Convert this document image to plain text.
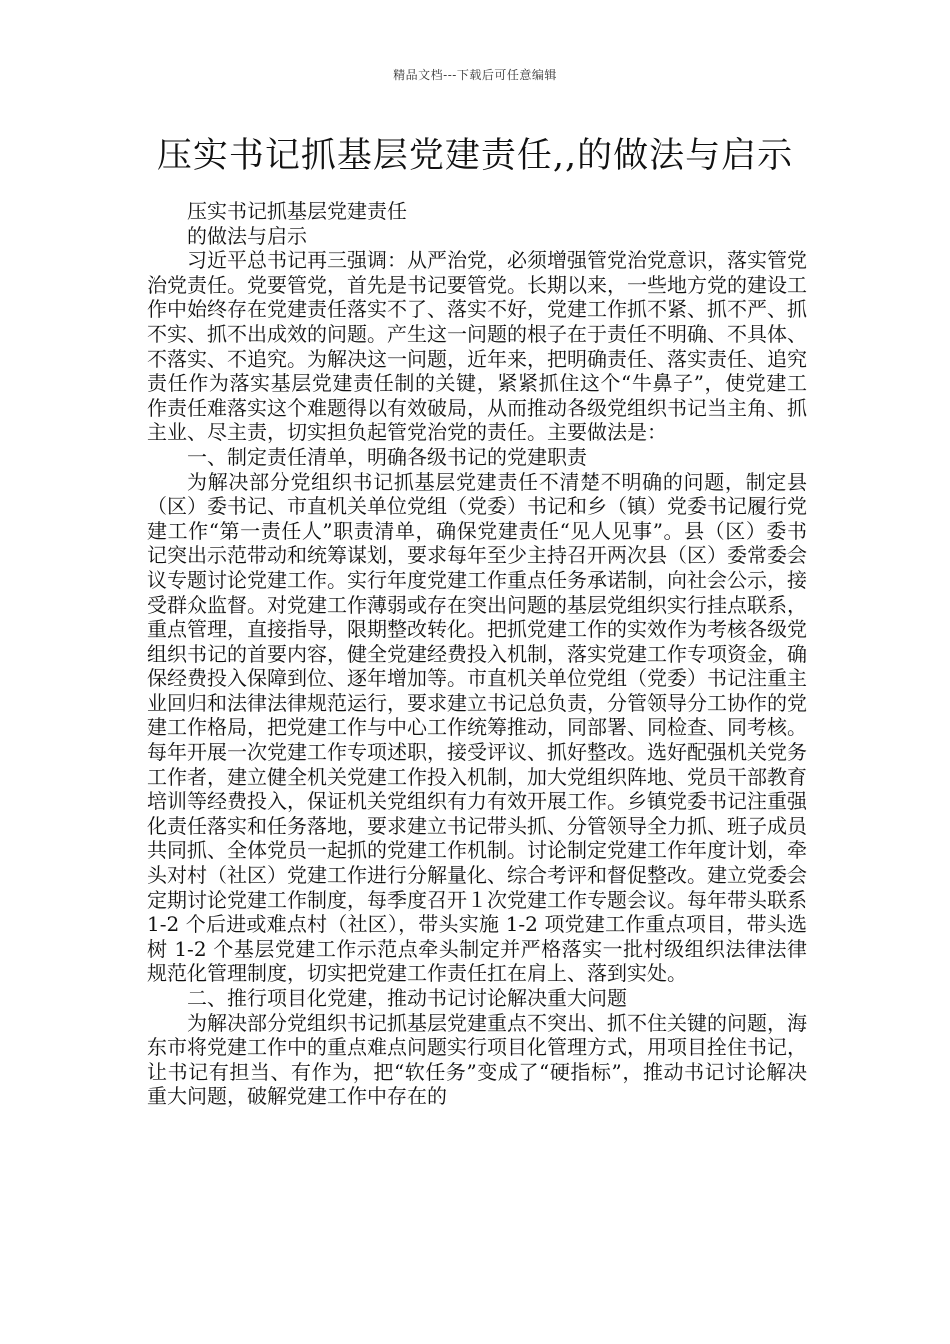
精品文档---下载后可任意编辑
压实书记抓基层党建责任,,的做法与启示

压实书记抓基层党建责任

的做法与启示

习近平总书记再三强调：从严治党，必须增强管党治党意识，落实管党治党责任。党要管党，首先是书记要管党。长期以来，一些地方党的建设工作中始终存在党建责任落实不了、落实不好，党建工作抓不紧、抓不严、抓不实、抓不出成效的问题。产生这一问题的根子在于责任不明确、不具体、不落实、不追究。为解决这一问题，近年来，把明确责任、落实责任、追究责任作为落实基层党建责任制的关键，紧紧抓住这个“牛鼻子”，使党建工作责任难落实这个难题得以有效破局，从而推动各级党组织书记当主角、抓主业、尽主责，切实担负起管党治党的责任。主要做法是：

一、制定责任清单，明确各级书记的党建职责

为解决部分党组织书记抓基层党建责任不清楚不明确的问题，制定县（区）委书记、市直机关单位党组（党委）书记和乡（镇）党委书记履行党建工作“第一责任人”职责清单，确保党建责任“见人见事”。县（区）委书记突出示范带动和统筹谋划，要求每年至少主持召开两次县（区）委常委会议专题讨论党建工作。实行年度党建工作重点任务承诺制，向社会公示，接受群众监督。对党建工作薄弱或存在突出问题的基层党组织实行挂点联系，重点管理，直接指导，限期整改转化。把抓党建工作的实效作为考核各级党组织书记的首要内容，健全党建经费投入机制，落实党建工作专项资金，确保经费投入保障到位、逐年增加等。市直机关单位党组（党委）书记注重主业回归和法律法律规范运行，要求建立书记总负责，分管领导分工协作的党建工作格局，把党建工作与中心工作统筹推动，同部署、同检查、同考核。每年开展一次党建工作专项述职，接受评议、抓好整改。选好配强机关党务工作者，建立健全机关党建工作投入机制，加大党组织阵地、党员干部教育培训等经费投入，保证机关党组织有力有效开展工作。乡镇党委书记注重强化责任落实和任务落地，要求建立书记带头抓、分管领导全力抓、班子成员共同抓、全体党员一起抓的党建工作机制。讨论制定党建工作年度计划，牵头对村（社区）党建工作进行分解量化、综合考评和督促整改。建立党委会定期讨论党建工作制度，每季度召开１次党建工作专题会议。每年带头联系 1-2 个后进或难点村（社区），带头实施 1-2 项党建工作重点项目，带头选树 1-2 个基层党建工作示范点牵头制定并严格落实一批村级组织法律法律规范化管理制度，切实把党建工作责任扛在肩上、落到实处。

二、推行项目化党建，推动书记讨论解决重大问题

为解决部分党组织书记抓基层党建重点不突出、抓不住关键的问题，海东市将党建工作中的重点难点问题实行项目化管理方式，用项目拴住书记，让书记有担当、有作为，把“软任务”变成了“硬指标”，推动书记讨论解决重大问题，破解党建工作中存在的
